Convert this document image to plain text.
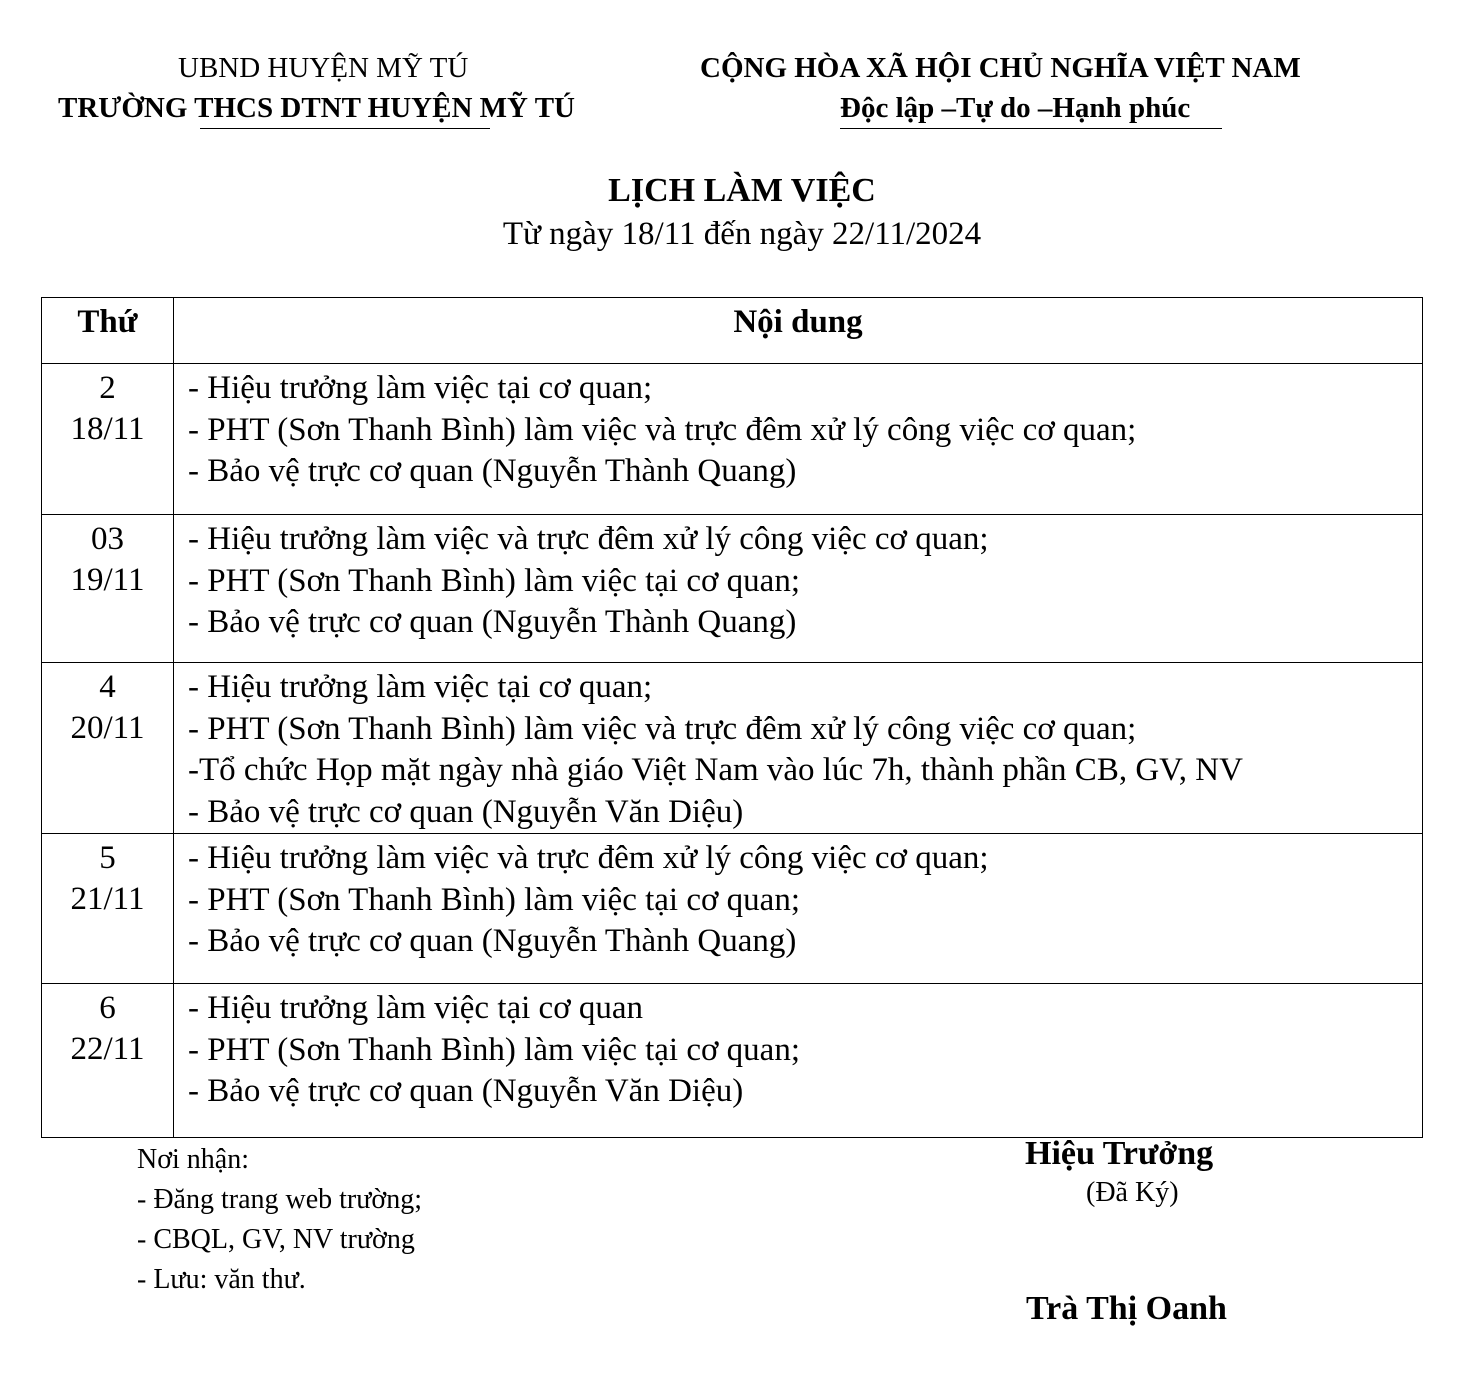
UBND HUYỆN MỸ TÚ
TRƯỜNG THCS DTNT HUYỆN MỸ TÚ
CỘNG HÒA XÃ HỘI CHỦ NGHĨA VIỆT NAM
Độc lập –Tự do –Hạnh phúc
LỊCH LÀM VIỆC
Từ ngày 18/11 đến ngày 22/11/2024
Thứ	Nội dung

2
18/11	- Hiệu trưởng làm việc tại cơ quan;
- PHT (Sơn Thanh Bình) làm việc và trực đêm xử lý công việc cơ quan;
- Bảo vệ trực cơ quan (Nguyễn Thành Quang)

03
19/11	- Hiệu trưởng làm việc và trực đêm xử lý công việc cơ quan;
- PHT (Sơn Thanh Bình) làm việc tại cơ quan;
- Bảo vệ trực cơ quan (Nguyễn Thành Quang)

4
20/11	- Hiệu trưởng làm việc tại cơ quan;
- PHT (Sơn Thanh Bình) làm việc và trực đêm xử lý công việc cơ quan;
-Tổ chức Họp mặt ngày nhà giáo Việt Nam vào lúc 7h, thành phần CB, GV, NV
- Bảo vệ trực cơ quan (Nguyễn Văn Diệu)

5
21/11	- Hiệu trưởng làm việc và trực đêm xử lý công việc cơ quan;
- PHT (Sơn Thanh Bình) làm việc tại cơ quan;
- Bảo vệ trực cơ quan (Nguyễn Thành Quang)

6
22/11	- Hiệu trưởng làm việc tại cơ quan
- PHT (Sơn Thanh Bình) làm việc tại cơ quan;
- Bảo vệ trực cơ quan (Nguyễn Văn Diệu)
Nơi nhận:
- Đăng trang web trường;
- CBQL, GV, NV trường
- Lưu: văn thư.
Hiệu Trưởng
(Đã Ký)
Trà Thị Oanh
